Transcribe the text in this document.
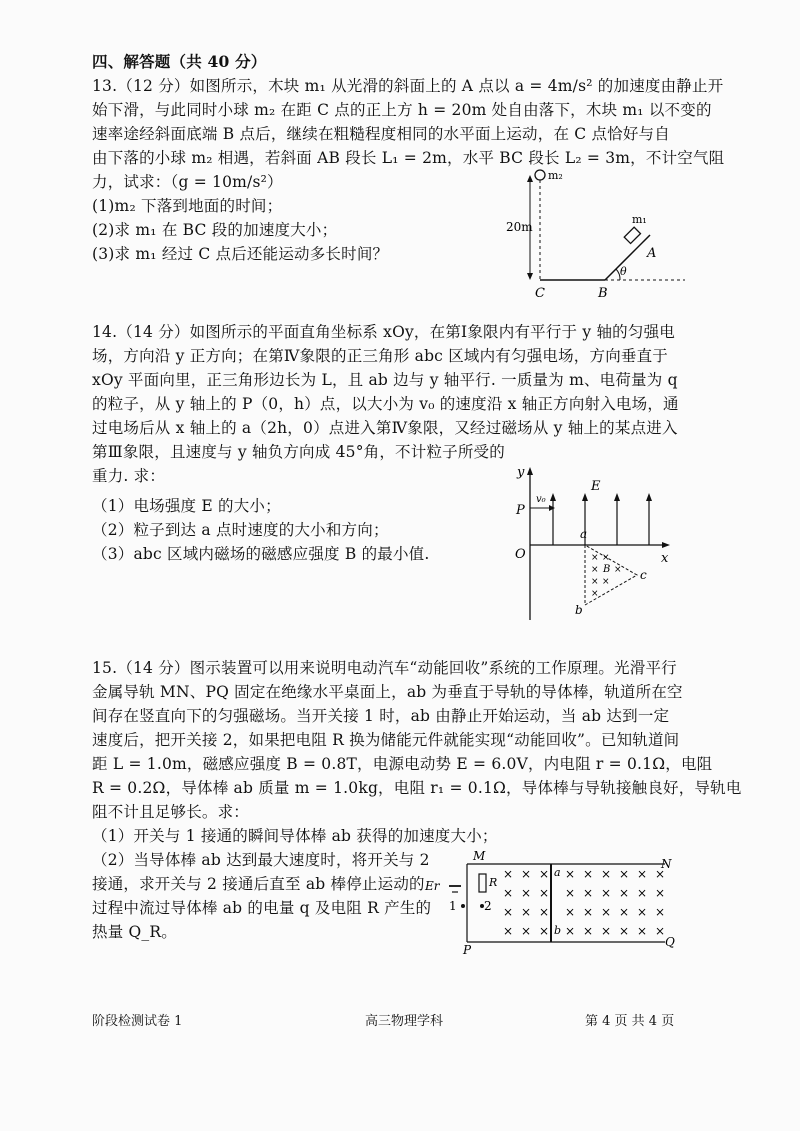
四、解答题（共 40 分）
13.（12 分）如图所示，木块 m₁ 从光滑的斜面上的 A 点以 a = 4m/s² 的加速度由静止开
始下滑，与此同时小球 m₂ 在距 C 点的正上方 h = 20m 处自由落下，木块 m₁ 以不变的
速率途经斜面底端 B 点后，继续在粗糙程度相同的水平面上运动，在 C 点恰好与自
由下落的小球 m₂ 相遇，若斜面 AB 段长 L₁ = 2m，水平 BC 段长 L₂ = 3m，不计空气阻
力，试求：（g = 10m/s²）
(1)m₂ 下落到地面的时间；
(2)求 m₁ 在 BC 段的加速度大小；
(3)求 m₁ 经过 C 点后还能运动多长时间？
m₂
20m
m₁
A
θ
C	B
14.（14 分）如图所示的平面直角坐标系 xOy，在第Ⅰ象限内有平行于 y 轴的匀强电
场，方向沿 y 正方向；在第Ⅳ象限的正三角形 abc 区域内有匀强电场，方向垂直于
xOy 平面向里，正三角形边长为 L，且 ab 边与 y 轴平行. 一质量为 m、电荷量为 q
的粒子，从 y 轴上的 P（0，h）点，以大小为 v₀ 的速度沿 x 轴正方向射入电场，通
过电场后从 x 轴上的 a（2h，0）点进入第Ⅳ象限，又经过磁场从 y 轴上的某点进入
第Ⅲ象限，且速度与 y 轴负方向成 45°角，不计粒子所受的
重力. 求：
（1）电场强度 E 的大小；
（2）粒子到达 a 点时速度的大小和方向；
（3）abc 区域内磁场的磁感应强度 B 的最小值.
y
x
O
P
v₀
E
a
× ×
× B ×
× ×
×
c
b
15.（14 分）图示装置可以用来说明电动汽车“动能回收”系统的工作原理。光滑平行
金属导轨 MN、PQ 固定在绝缘水平桌面上，ab 为垂直于导轨的导体棒，轨道所在空
间存在竖直向下的匀强磁场。当开关接 1 时，ab 由静止开始运动，当 ab 达到一定
速度后，把开关接 2，如果把电阻 R 换为储能元件就能实现“动能回收”。已知轨道间
距 L = 1.0m，磁感应强度 B = 0.8T，电源电动势 E = 6.0V，内电阻 r = 0.1Ω，电阻
R = 0.2Ω，导体棒 ab 质量 m = 1.0kg，电阻 r₁ = 0.1Ω，导体棒与导轨接触良好，导轨电
阻不计且足够长。求：
（1）开关与 1 接通的瞬间导体棒 ab 获得的加速度大小；
（2）当导体棒 ab 达到最大速度时，将开关与 2
接通，求开关与 2 接通后直至 ab 棒停止运动的
过程中流过导体棒 ab 的电量 q 及电阻 R 产生的
热量 Q_R。
M
N
P
Q
Er	R
1 2
a
b
× × × × × × × × ×
× × × × × × × × ×
× × × × × × × × ×
× × × × × × × × ×
阶段检测试卷 1	高三物理学科	第 4 页 共 4 页
